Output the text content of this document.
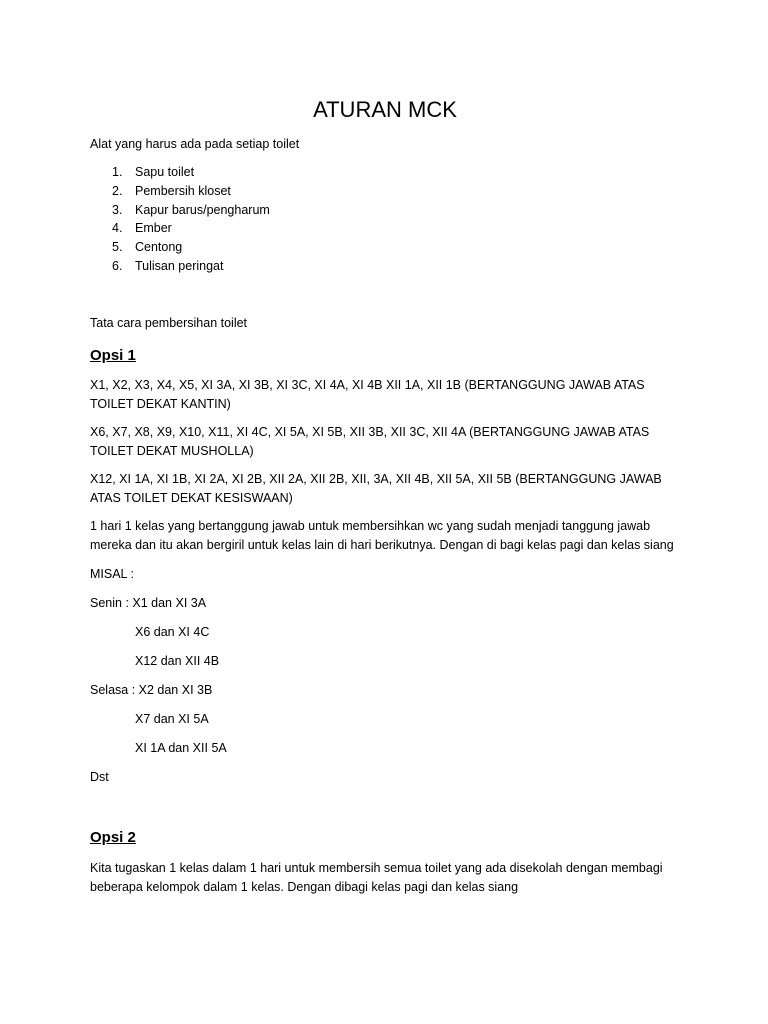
ATURAN MCK

Alat yang harus ada pada setiap toilet

1. Sapu toilet
2. Pembersih kloset
3. Kapur barus/pengharum
4. Ember
5. Centong
6. Tulisan peringat

Tata cara pembersihan toilet

Opsi 1

X1, X2, X3, X4, X5, XI 3A, XI 3B, XI 3C, XI 4A, XI 4B XII 1A, XII 1B (BERTANGGUNG JAWAB ATAS TOILET DEKAT KANTIN)

X6, X7, X8, X9, X10, X11, XI 4C, XI 5A, XI 5B, XII 3B, XII 3C, XII 4A (BERTANGGUNG JAWAB ATAS TOILET DEKAT MUSHOLLA)

X12, XI 1A, XI 1B, XI 2A, XI 2B, XII 2A, XII 2B, XII, 3A, XII 4B, XII 5A, XII 5B (BERTANGGUNG JAWAB ATAS TOILET DEKAT KESISWAAN)

1 hari 1 kelas yang bertanggung jawab untuk membersihkan wc yang sudah menjadi tanggung jawab mereka dan itu akan bergiril untuk kelas lain di hari berikutnya. Dengan di bagi kelas pagi dan kelas siang

MISAL :

Senin : X1 dan XI 3A

X6 dan XI 4C

X12 dan XII 4B

Selasa : X2 dan XI 3B

X7 dan XI 5A

XI 1A dan XII 5A

Dst

Opsi 2

Kita tugaskan 1 kelas dalam 1 hari untuk membersih semua toilet yang ada disekolah dengan membagi beberapa kelompok dalam 1 kelas. Dengan dibagi kelas pagi dan kelas siang
